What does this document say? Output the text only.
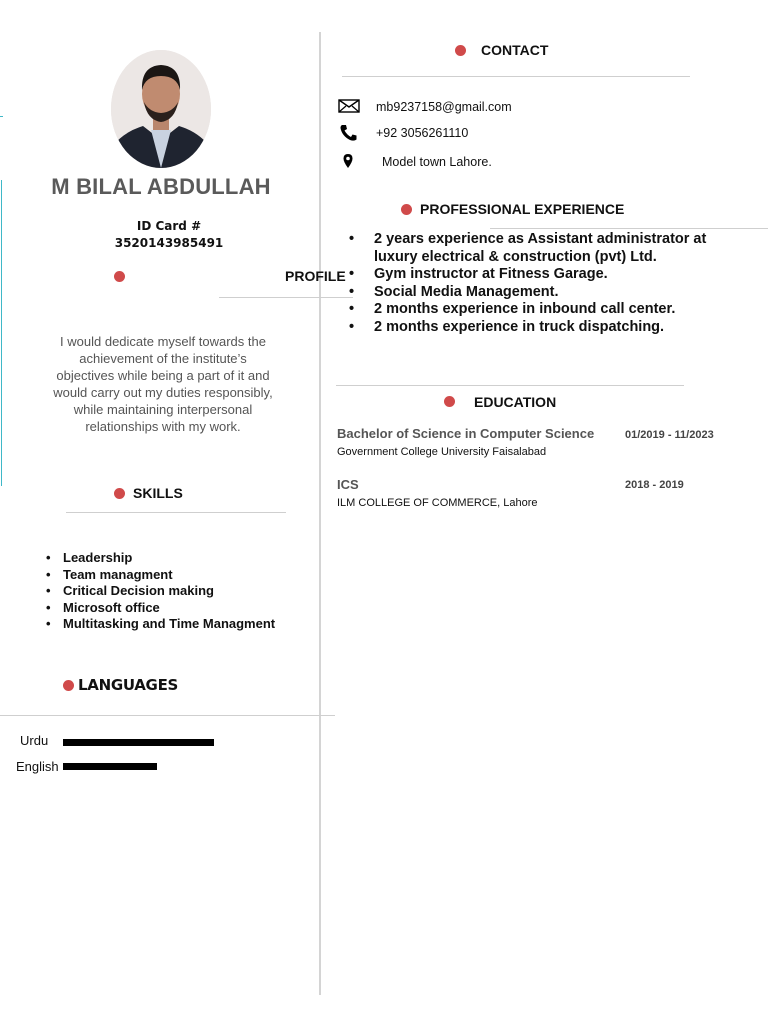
M BILAL ABDULLAH
ID Card #
3520143985491
PROFILE
I would dedicate myself towards the achievement of the institute’s objectives while being a part of it and would carry out my duties responsibly, while maintaining interpersonal relationships with my work.
SKILLS
• Leadership
• Team managment
• Critical Decision making
• Microsoft office
• Multitasking and Time Managment
LANGUAGES
Urdu
English
CONTACT
mb9237158@gmail.com
+92 3056261110
Model town Lahore.
PROFESSIONAL EXPERIENCE
• 2 years experience as Assistant administrator at luxury electrical & construction (pvt) Ltd.
• Gym instructor at Fitness Garage.
• Social Media Management.
• 2 months experience in inbound call center.
• 2 months experience in truck dispatching.
EDUCATION
Bachelor of Science in Computer Science	01/2019 - 11/2023
Government College University Faisalabad
ICS	2018 - 2019
ILM COLLEGE OF COMMERCE, Lahore
